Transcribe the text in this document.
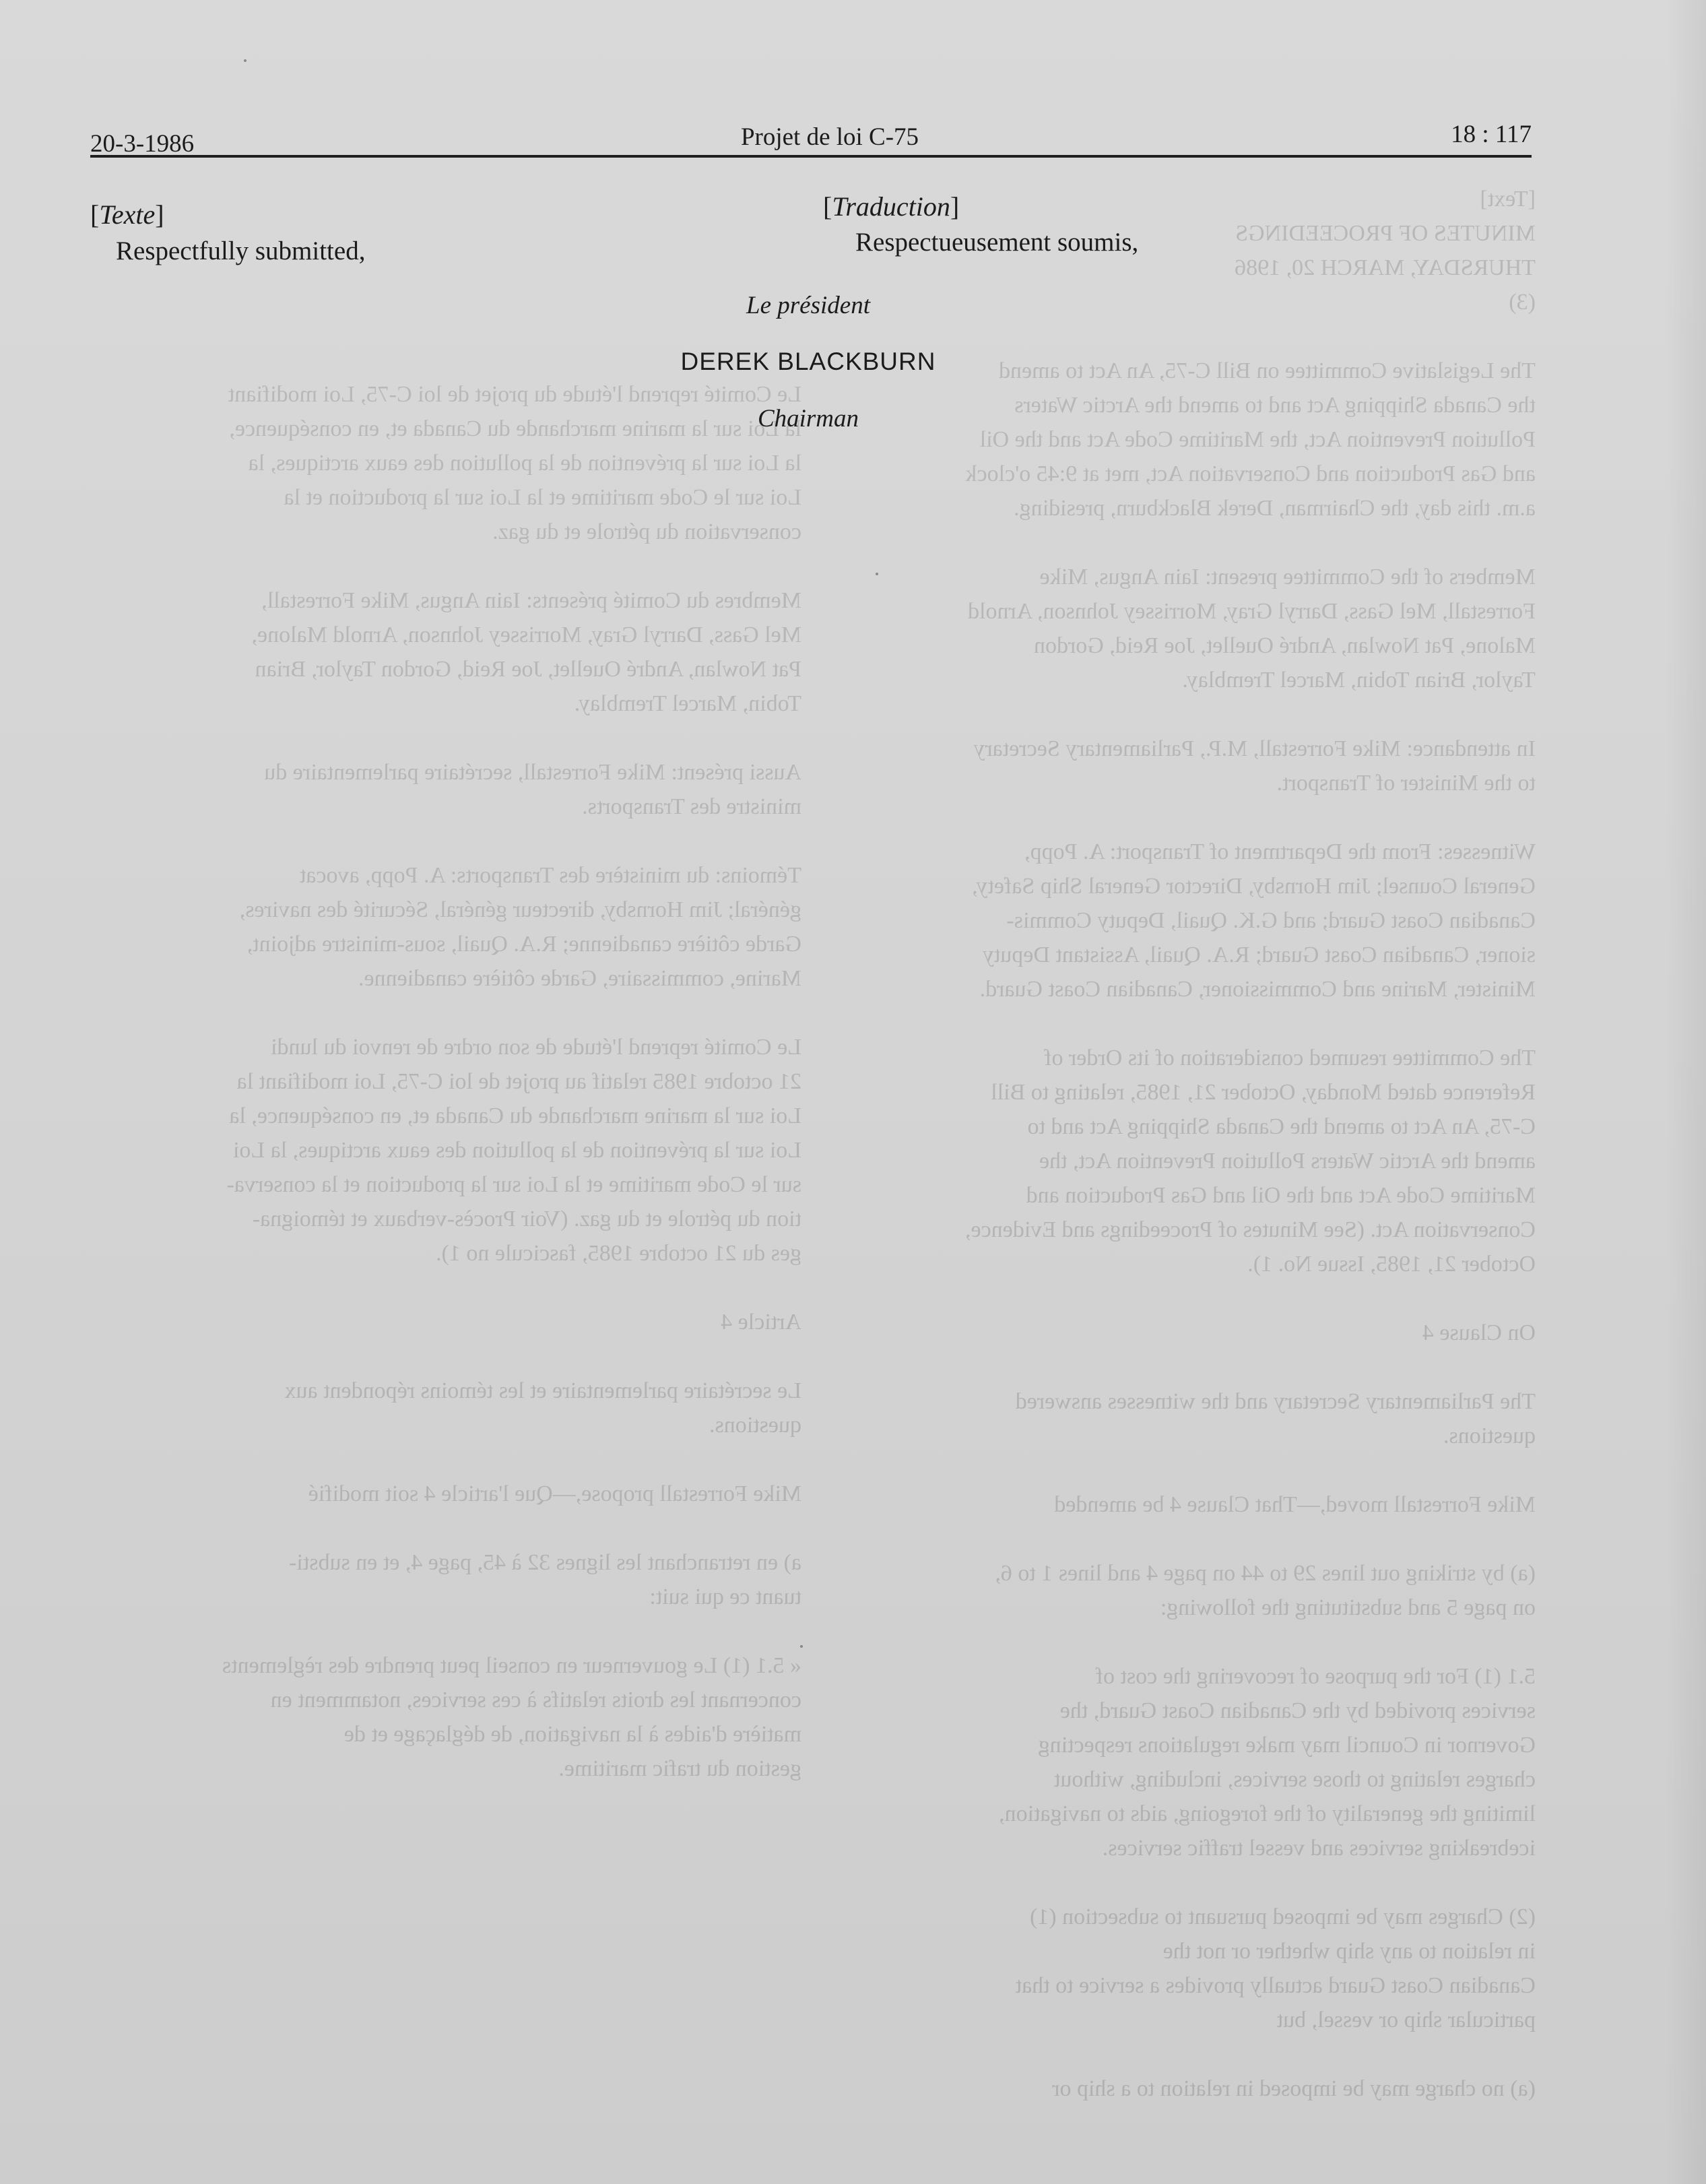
Le Comité reprend l'étude du projet de loi C-75, Loi modifiant
la Loi sur la marine marchande du Canada et, en conséquence,
la Loi sur la prévention de la pollution des eaux arctiques, la
Loi sur le Code maritime et la Loi sur la production et la
conservation du pétrole et du gaz.

Membres du Comité présents: Iain Angus, Mike Forrestall,
Mel Gass, Darryl Gray, Morrissey Johnson, Arnold Malone,
Pat Nowlan, André Ouellet, Joe Reid, Gordon Taylor, Brian
Tobin, Marcel Tremblay.

Aussi présent: Mike Forrestall, secrétaire parlementaire du
ministre des Transports.

Témoins: du ministère des Transports: A. Popp, avocat
général; Jim Hornsby, directeur général, Sécurité des navires,
Garde côtière canadienne; R.A. Quail, sous-ministre adjoint,
Marine, commissaire, Garde côtière canadienne.

Le Comité reprend l'étude de son ordre de renvoi du lundi
21 octobre 1985 relatif au projet de loi C-75, Loi modifiant la
Loi sur la marine marchande du Canada et, en conséquence, la
Loi sur la prévention de la pollution des eaux arctiques, la Loi
sur le Code maritime et la Loi sur la production et la conserva-
tion du pétrole et du gaz. (Voir Procès-verbaux et témoigna-
ges du 21 octobre 1985, fascicule no 1).

Article 4

Le secrétaire parlementaire et les témoins répondent aux
questions.

Mike Forrestall propose,—Que l'article 4 soit modifié

a) en retranchant les lignes 32 à 45, page 4, et en substi-
tuant ce qui suit:

« 5.1 (1) Le gouverneur en conseil peut prendre des règlements
concernant les droits relatifs à ces services, notamment en
matière d'aides à la navigation, de déglaçage et de
gestion du trafic maritime.
[Text]
MINUTES OF PROCEEDINGS
THURSDAY, MARCH 20, 1986
(3)

The Legislative Committee on Bill C-75, An Act to amend
the Canada Shipping Act and to amend the Arctic Waters
Pollution Prevention Act, the Maritime Code Act and the Oil
and Gas Production and Conservation Act, met at 9:45 o'clock
a.m. this day, the Chairman, Derek Blackburn, presiding.

Members of the Committee present: Iain Angus, Mike
Forrestall, Mel Gass, Darryl Gray, Morrissey Johnson, Arnold
Malone, Pat Nowlan, André Ouellet, Joe Reid, Gordon
Taylor, Brian Tobin, Marcel Tremblay.

In attendance: Mike Forrestall, M.P., Parliamentary Secretary
to the Minister of Transport.

Witnesses: From the Department of Transport: A. Popp,
General Counsel; Jim Hornsby, Director General Ship Safety,
Canadian Coast Guard; and G.K. Quail, Deputy Commis-
sioner, Canadian Coast Guard; R.A. Quail, Assistant Deputy
Minister, Marine and Commissioner, Canadian Coast Guard.

The Committee resumed consideration of its Order of
Reference dated Monday, October 21, 1985, relating to Bill
C-75, An Act to amend the Canada Shipping Act and to
amend the Arctic Waters Pollution Prevention Act, the
Maritime Code Act and the Oil and Gas Production and
Conservation Act. (See Minutes of Proceedings and Evidence,
October 21, 1985, Issue No. 1).

On Clause 4

The Parliamentary Secretary and the witnesses answered
questions.

Mike Forrestall moved,—That Clause 4 be amended

(a) by striking out lines 29 to 44 on page 4 and lines 1 to 6,
on page 5 and substituting the following:

5.1 (1) For the purpose of recovering the cost of
services provided by the Canadian Coast Guard, the
Governor in Council may make regulations respecting
charges relating to those services, including, without
limiting the generality of the foregoing, aids to navigation,
icebreaking services and vessel traffic services.

(2) Charges may be imposed pursuant to subsection (1)
in relation to any ship whether or not the
Canadian Coast Guard actually provides a service to that
particular ship or vessel, but

(a) no charge may be imposed in relation to a ship or
20-3-1986	Projet de loi C-75	18 : 117
[Texte]
Respectfully submitted,
[Traduction]
Respectueusement soumis,
Le président
DEREK BLACKBURN
Chairman
